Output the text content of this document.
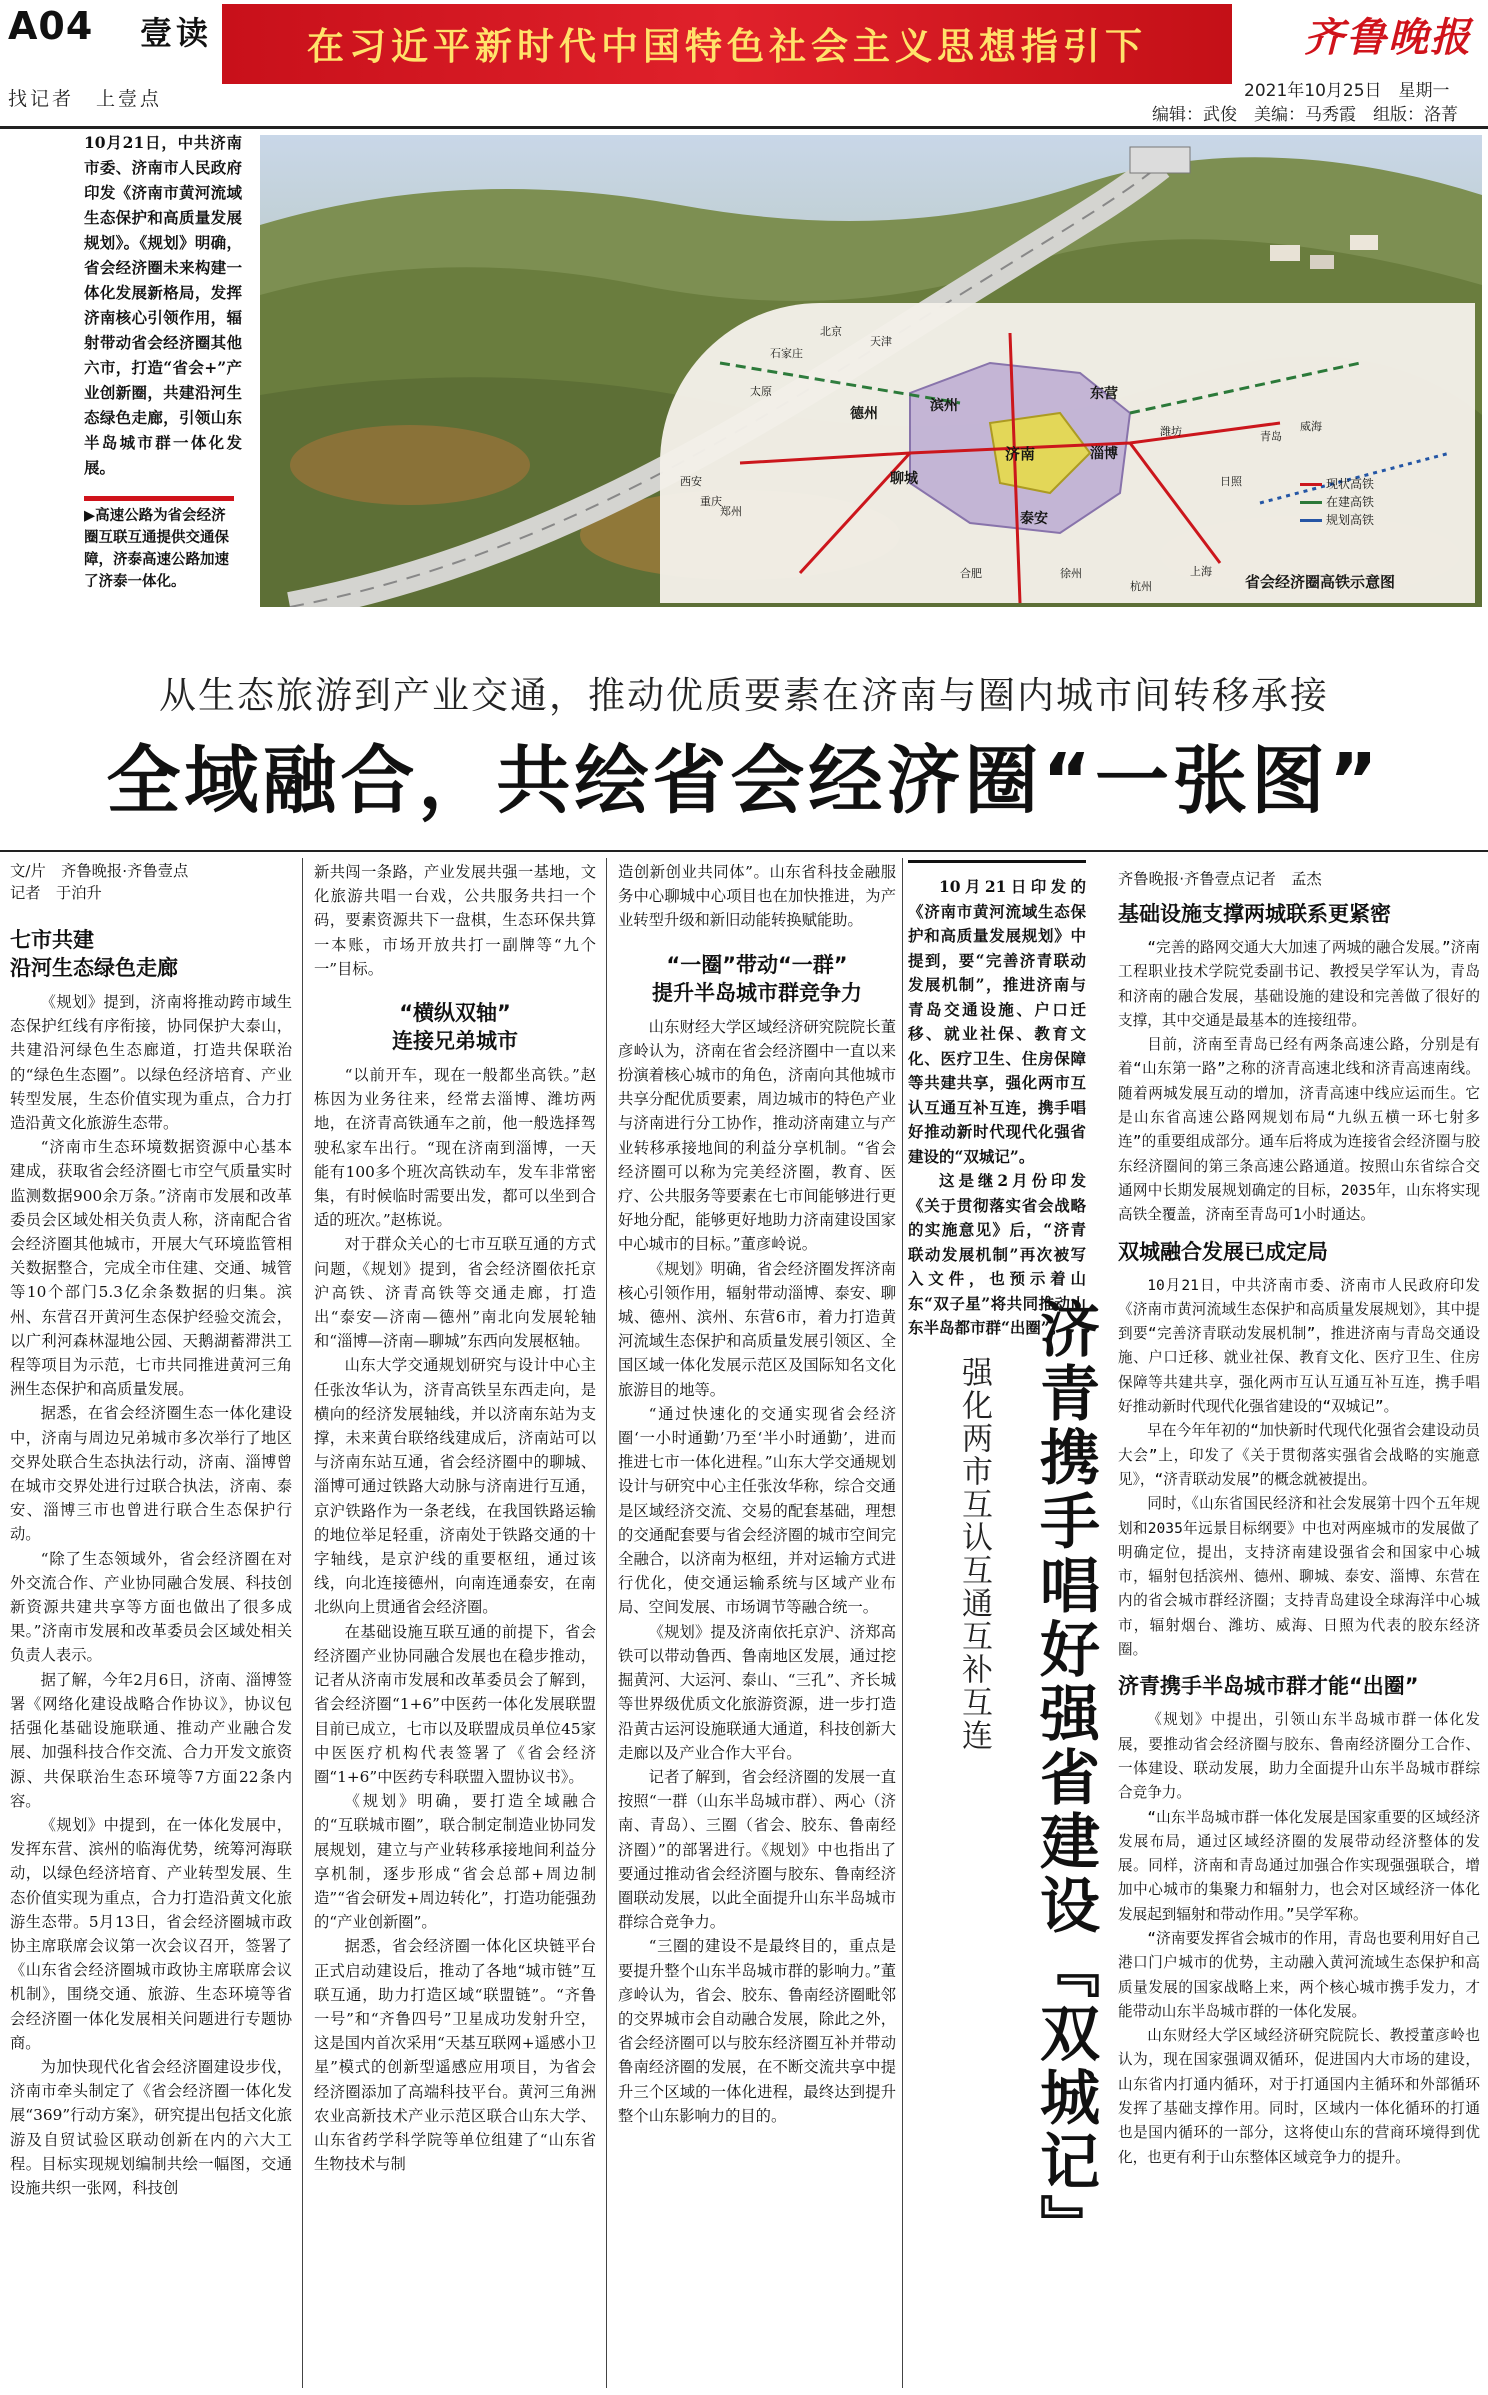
A04 壹读
找记者　上壹点
在习近平新时代中国特色社会主义思想指引下	齐鲁晚报
2021年10月25日　星期一
编辑：武俊　美编：马秀霞　组版：洛菁
10月21日，中共济南市委、济南市人民政府印发《济南市黄河流域生态保护和高质量发展规划》。《规划》明确，省会经济圈未来构建一体化发展新格局，发挥济南核心引领作用，辐射带动省会经济圈其他六市，打造“省会+”产业创新圈，共建沿河生态绿色走廊，引领山东半岛城市群一体化发展。
▶高速公路为省会经济圈互联互通提供交通保障，济泰高速公路加速了济泰一体化。
滨州
东营
德州
济南	淄博
聊城
泰安
石家庄
北京
天津
太原
潍坊	青岛
威海
日照
徐州
郑州
西安
合肥
杭州
上海
重庆
现状高铁
在建高铁
规划高铁
省会经济圈高铁示意图
从生态旅游到产业交通，推动优质要素在济南与圈内城市间转移承接
全域融合，共绘省会经济圈“一张图”
文/片　齐鲁晚报·齐鲁壹点
记者　于泊升
七市共建
沿河生态绿色走廊

《规划》提到，济南将推动跨市域生态保护红线有序衔接，协同保护大泰山，共建沿河绿色生态廊道，打造共保联治的“绿色生态圈”。以绿色经济培育、产业转型发展，生态价值实现为重点，合力打造沿黄文化旅游生态带。

“济南市生态环境数据资源中心基本建成，获取省会经济圈七市空气质量实时监测数据900余万条。”济南市发展和改革委员会区域处相关负责人称，济南配合省会经济圈其他城市，开展大气环境监管相关数据整合，完成全市住建、交通、城管等10个部门5.3亿余条数据的归集。滨州、东营召开黄河生态保护经验交流会，以广利河森林湿地公园、天鹅湖蓄滞洪工程等项目为示范，七市共同推进黄河三角洲生态保护和高质量发展。

据悉，在省会经济圈生态一体化建设中，济南与周边兄弟城市多次举行了地区交界处联合生态执法行动，济南、淄博曾在城市交界处进行过联合执法，济南、泰安、淄博三市也曾进行联合生态保护行动。

“除了生态领域外，省会经济圈在对外交流合作、产业协同融合发展、科技创新资源共建共享等方面也做出了很多成果。”济南市发展和改革委员会区域处相关负责人表示。

据了解，今年2月6日，济南、淄博签署《网络化建设战略合作协议》，协议包括强化基础设施联通、推动产业融合发展、加强科技合作交流、合力开发文旅资源、共保联治生态环境等7方面22条内容。

《规划》中提到，在一体化发展中，发挥东营、滨州的临海优势，统筹河海联动，以绿色经济培育、产业转型发展、生态价值实现为重点，合力打造沿黄文化旅游生态带。5月13日，省会经济圈城市政协主席联席会议第一次会议召开，签署了《山东省会经济圈城市政协主席联席会议机制》，围绕交通、旅游、生态环境等省会经济圈一体化发展相关问题进行专题协商。

为加快现代化省会经济圈建设步伐，济南市牵头制定了《省会经济圈一体化发展“369”行动方案》，研究提出包括文化旅游及自贸试验区联动创新在内的六大工程。目标实现规划编制共绘一幅图，交通设施共织一张网，科技创

新共闯一条路，产业发展共强一基地，文化旅游共唱一台戏，公共服务共扫一个码，要素资源共下一盘棋，生态环保共算一本账，市场开放共打一副牌等“九个一”目标。

“横纵双轴”
连接兄弟城市

“以前开车，现在一般都坐高铁。”赵栋因为业务往来，经常去淄博、潍坊两地，在济青高铁通车之前，他一般选择驾驶私家车出行。“现在济南到淄博，一天能有100多个班次高铁动车，发车非常密集，有时候临时需要出发，都可以坐到合适的班次。”赵栋说。

对于群众关心的七市互联互通的方式问题，《规划》提到，省会经济圈依托京沪高铁、济青高铁等交通走廊，打造出“泰安—济南—德州”南北向发展轮轴和“淄博—济南—聊城”东西向发展枢轴。

山东大学交通规划研究与设计中心主任张汝华认为，济青高铁呈东西走向，是横向的经济发展轴线，并以济南东站为支撑，未来黄台联络线建成后，济南站可以与济南东站互通，省会经济圈中的聊城、淄博可通过铁路大动脉与济南进行互通，京沪铁路作为一条老线，在我国铁路运输的地位举足轻重，济南处于铁路交通的十字轴线，是京沪线的重要枢纽，通过该线，向北连接德州，向南连通泰安，在南北纵向上贯通省会经济圈。

在基础设施互联互通的前提下，省会经济圈产业协同融合发展也在稳步推动，记者从济南市发展和改革委员会了解到，省会经济圈“1+6”中医药一体化发展联盟目前已成立，七市以及联盟成员单位45家中医医疗机构代表签署了《省会经济圈“1+6”中医药专科联盟入盟协议书》。

《规划》明确，要打造全域融合的“互联城市圈”，联合制定制造业协同发展规划，建立与产业转移承接地间利益分享机制，逐步形成“省会总部+周边制造”“省会研发+周边转化”，打造功能强劲的“产业创新圈”。

据悉，省会经济圈一体化区块链平台正式启动建设后，推动了各地“城市链”互联互通，助力打造区域“联盟链”。“齐鲁一号”和“齐鲁四号”卫星成功发射升空，这是国内首次采用“天基互联网+遥感小卫星”模式的创新型遥感应用项目，为省会经济圈添加了高端科技平台。黄河三角洲农业高新技术产业示范区联合山东大学、山东省药学科学院等单位组建了“山东省生物技术与制

造创新创业共同体”。山东省科技金融服务中心聊城中心项目也在加快推进，为产业转型升级和新旧动能转换赋能助。

“一圈”带动“一群”
提升半岛城市群竞争力

山东财经大学区域经济研究院院长董彦岭认为，济南在省会经济圈中一直以来扮演着核心城市的角色，济南向其他城市共享分配优质要素，周边城市的特色产业与济南进行分工协作，推动济南建立与产业转移承接地间的利益分享机制。“省会经济圈可以称为完美经济圈，教育、医疗、公共服务等要素在七市间能够进行更好地分配，能够更好地助力济南建设国家中心城市的目标。”董彦岭说。

《规划》明确，省会经济圈发挥济南核心引领作用，辐射带动淄博、泰安、聊城、德州、滨州、东营6市，着力打造黄河流域生态保护和高质量发展引领区、全国区域一体化发展示范区及国际知名文化旅游目的地等。

“通过快速化的交通实现省会经济圈‘一小时通勤’乃至‘半小时通勤’，进而推进七市一体化进程。”山东大学交通规划设计与研究中心主任张汝华称，综合交通是区域经济交流、交易的配套基础，理想的交通配套要与省会经济圈的城市空间完全融合，以济南为枢纽，并对运输方式进行优化，使交通运输系统与区域产业布局、空间发展、市场调节等融合统一。

《规划》提及济南依托京沪、济郑高铁可以带动鲁西、鲁南地区发展，通过挖掘黄河、大运河、泰山、“三孔”、齐长城等世界级优质文化旅游资源，进一步打造沿黄古运河设施联通大通道，科技创新大走廊以及产业合作大平台。

记者了解到，省会经济圈的发展一直按照“一群（山东半岛城市群）、两心（济南、青岛）、三圈（省会、胶东、鲁南经济圈）”的部署进行。《规划》中也指出了要通过推动省会经济圈与胶东、鲁南经济圈联动发展，以此全面提升山东半岛城市群综合竞争力。

“三圈的建设不是最终目的，重点是要提升整个山东半岛城市群的影响力。”董彦岭认为，省会、胶东、鲁南经济圈毗邻的交界城市会自动融合发展，除此之外，省会经济圈可以与胶东经济圈互补并带动鲁南经济圈的发展，在不断交流共享中提升三个区域的一体化进程，最终达到提升整个山东影响力的目的。

10月21日印发的《济南市黄河流域生态保护和高质量发展规划》中提到，要“完善济青联动发展机制”，推进济南与青岛交通设施、户口迁移、就业社保、教育文化、医疗卫生、住房保障等共建共享，强化两市互认互通互补互连，携手唱好推动新时代现代化强省建设的“双城记”。

这是继2月份印发《关于贯彻落实省会战略的实施意见》后，“济青联动发展机制”再次被写入文件，也预示着山东“双子星”将共同推动山东半岛都市群“出圈”。

济青携手唱好强省建设『双城记』
强化两市互认互通互补互连
齐鲁晚报·齐鲁壹点记者　孟杰
基础设施支撑两城联系更紧密

“完善的路网交通大大加速了两城的融合发展。”济南工程职业技术学院党委副书记、教授吴学军认为，青岛和济南的融合发展，基础设施的建设和完善做了很好的支撑，其中交通是最基本的连接纽带。

目前，济南至青岛已经有两条高速公路，分别是有着“山东第一路”之称的济青高速北线和济青高速南线。随着两城发展互动的增加，济青高速中线应运而生。它是山东省高速公路网规划布局“九纵五横一环七射多连”的重要组成部分。通车后将成为连接省会经济圈与胶东经济圈间的第三条高速公路通道。按照山东省综合交通网中长期发展规划确定的目标，2035年，山东将实现高铁全覆盖，济南至青岛可1小时通达。

双城融合发展已成定局

10月21日，中共济南市委、济南市人民政府印发《济南市黄河流域生态保护和高质量发展规划》，其中提到要“完善济青联动发展机制”，推进济南与青岛交通设施、户口迁移、就业社保、教育文化、医疗卫生、住房保障等共建共享，强化两市互认互通互补互连，携手唱好推动新时代现代化强省建设的“双城记”。

早在今年年初的“加快新时代现代化强省会建设动员大会”上，印发了《关于贯彻落实强省会战略的实施意见》，“济青联动发展”的概念就被提出。

同时，《山东省国民经济和社会发展第十四个五年规划和2035年远景目标纲要》中也对两座城市的发展做了明确定位，提出，支持济南建设强省会和国家中心城市，辐射包括滨州、德州、聊城、泰安、淄博、东营在内的省会城市群经济圈；支持青岛建设全球海洋中心城市，辐射烟台、潍坊、威海、日照为代表的胶东经济圈。

济青携手半岛城市群才能“出圈”

《规划》中提出，引领山东半岛城市群一体化发展，要推动省会经济圈与胶东、鲁南经济圈分工合作、一体建设、联动发展，助力全面提升山东半岛城市群综合竞争力。

“山东半岛城市群一体化发展是国家重要的区域经济发展布局，通过区域经济圈的发展带动经济整体的发展。同样，济南和青岛通过加强合作实现强强联合，增加中心城市的集聚力和辐射力，也会对区域经济一体化发展起到辐射和带动作用。”吴学军称。

“济南要发挥省会城市的作用，青岛也要利用好自己港口门户城市的优势，主动融入黄河流域生态保护和高质量发展的国家战略上来，两个核心城市携手发力，才能带动山东半岛城市群的一体化发展。

山东财经大学区域经济研究院院长、教授董彦岭也认为，现在国家强调双循环，促进国内大市场的建设，山东省内打通内循环，对于打通国内主循环和外部循环发挥了基础支撑作用。同时，区域内一体化循环的打通也是国内循环的一部分，这将使山东的营商环境得到优化，也更有利于山东整体区域竞争力的提升。
